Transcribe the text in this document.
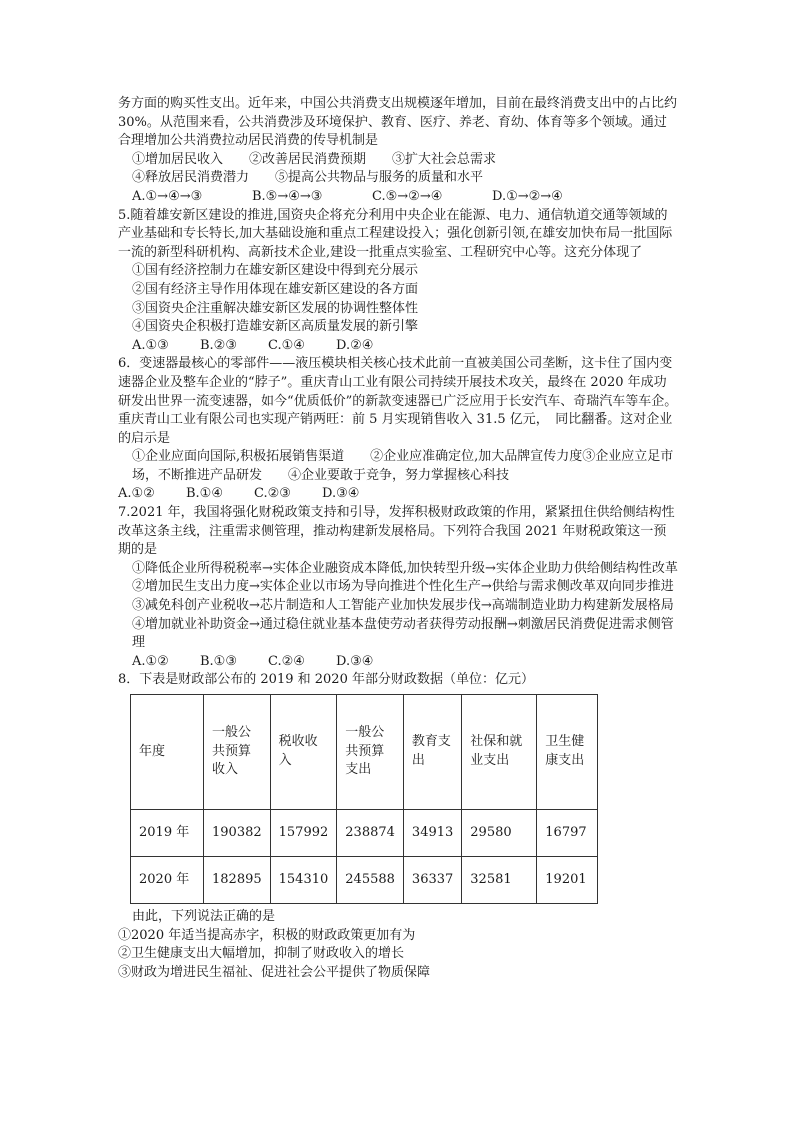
务方面的购买性支出。近年来，中国公共消费支出规模逐年增加，目前在最终消费支出中的占比约 30%。从范围来看，公共消费涉及环境保护、教育、医疗、养老、育幼、体育等多个领域。通过合理增加公共消费拉动居民消费的传导机制是

①增加居民收入　　②改善居民消费预期　　③扩大社会总需求

④释放居民消费潜力　　⑤提高公共物品与服务的质量和水平

A.①→④→③	B.⑤→④→③	C.⑤→②→④	D.①→②→④

5.随着雄安新区建设的推进,国资央企将充分利用中央企业在能源、电力、通信轨道交通等领域的产业基础和专长特长,加大基础设施和重点工程建设投入；强化创新引领,在雄安加快布局一批国际一流的新型科研机构、高新技术企业,建设一批重点实验室、工程研究中心等。这充分体现了

①国有经济控制力在雄安新区建设中得到充分展示

②国有经济主导作用体现在雄安新区建设的各方面

③国资央企注重解决雄安新区发展的协调性整体性

④国资央企积极打造雄安新区高质量发展的新引擎

A.①③ B.②③ C.①④ D.②④

6．变速器最核心的零部件——液压模块相关核心技术此前一直被美国公司垄断，这卡住了国内变速器企业及整车企业的“脖子”。重庆青山工业有限公司持续开展技术攻关，最终在 2020 年成功研发出世界一流变速器，如今“优质低价”的新款变速器已广泛应用于长安汽车、奇瑞汽车等车企。重庆青山工业有限公司也实现产销两旺：前 5 月实现销售收入 31.5 亿元，　同比翻番。这对企业的启示是

①企业应面向国际,积极拓展销售渠道　　②企业应准确定位,加大品牌宣传力度③企业应立足市场，不断推进产品研发　　④企业要敢于竞争，努力掌握核心科技

A.①② B.①④ C.②③ D.③④

7.2021 年，我国将强化财税政策支持和引导，发挥积极财政政策的作用，紧紧扭住供给侧结构性改革这条主线，注重需求侧管理，推动构建新发展格局。下列符合我国 2021 年财税政策这一预期的是

①降低企业所得税税率→实体企业融资成本降低,加快转型升级→实体企业助力供给侧结构性改革

②增加民生支出力度→实体企业以市场为导向推进个性化生产→供给与需求侧改革双向同步推进

③减免科创产业税收→芯片制造和人工智能产业加快发展步伐→高端制造业助力构建新发展格局

④增加就业补助资金→通过稳住就业基本盘使劳动者获得劳动报酬→刺激居民消费促进需求侧管理

A.①② B.①③ C.②④ D.③④

8．下表是财政部公布的 2019 和 2020 年部分财政数据（单位：亿元）

年度	一般公共预算收入	税收收入	一般公共预算支出	教育支出	社保和就业支出	卫生健康支出
2019 年	190382	157992	238874	34913	29580	16797
2020 年	182895	154310	245588	36337	32581	19201

由此，下列说法正确的是

①2020 年适当提高赤字，积极的财政政策更加有为

②卫生健康支出大幅增加，抑制了财政收入的增长

③财政为增进民生福祉、促进社会公平提供了物质保障
